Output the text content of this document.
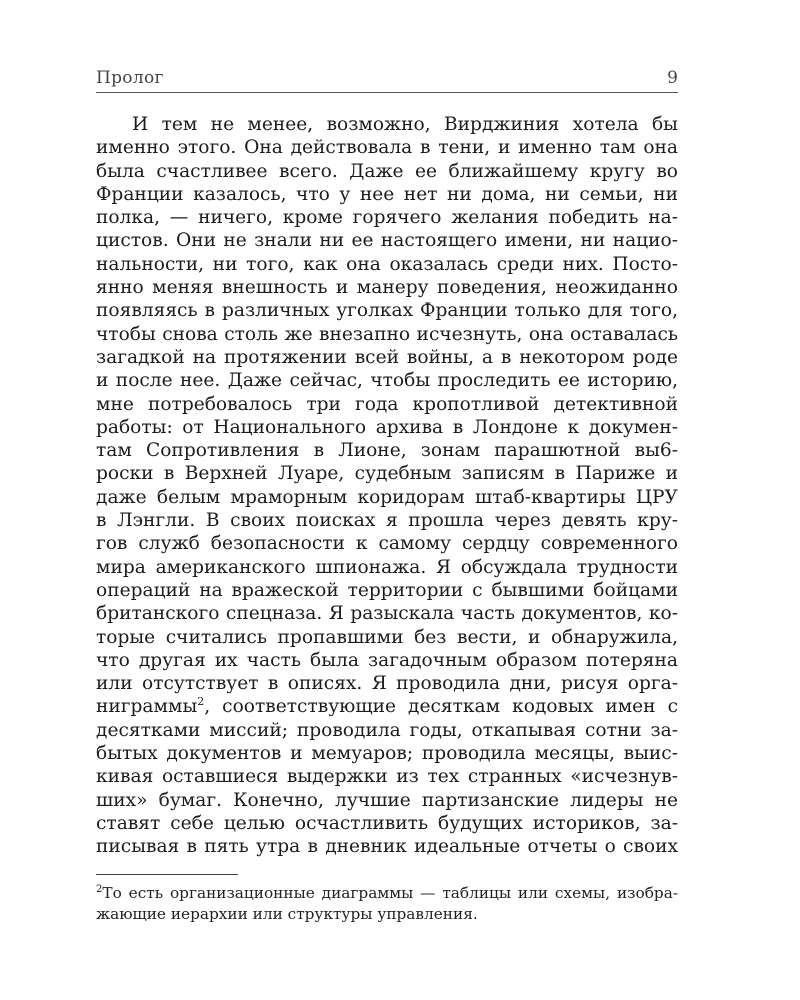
Пролог	9
И тем не менее, возможно, Вирджиния хотела бы
именно этого. Она действовала в тени, и именно там она
была счастливее всего. Даже ее ближайшему кругу во
Франции казалось, что у нее нет ни дома, ни семьи, ни
полка, — ничего, кроме горячего желания победить на-
цистов. Они не знали ни ее настоящего имени, ни нацио-
нальности, ни того, как она оказалась среди них. Посто-
янно меняя внешность и манеру поведения, неожиданно
появляясь в различных уголках Франции только для того,
чтобы снова столь же внезапно исчезнуть, она оставалась
загадкой на протяжении всей войны, а в некотором роде
и после нее. Даже сейчас, чтобы проследить ее историю,
мне потребовалось три года кропотливой детективной
работы: от Национального архива в Лондоне к докумен-
там Сопротивления в Лионе, зонам парашютной вы6-
роски в Верхней Луаре, судебным записям в Париже и
даже белым мраморным коридорам штаб-квартиры ЦРУ
в Лэнгли. В своих поисках я прошла через девять кру-
гов служб безопасности к самому сердцу современного
мира американского шпионажа. Я обсуждала трудности
операций на вражеской территории с бывшими бойцами
британского спецназа. Я разыскала часть документов, ко-
торые считались пропавшими без вести, и обнаружила,
что другая их часть была загадочным образом потеряна
или отсутствует в описях. Я проводила дни, рисуя орга-
ниграммы$^2$, соответствующие десяткам кодовых имен с
десятками миссий; проводила годы, откапывая сотни за-
бытых документов и мемуаров; проводила месяцы, выис-
кивая оставшиеся выдержки из тех странных «исчезнув-
ших» бумаг. Конечно, лучшие партизанские лидеры не
ставят себе целью осчастливить будущих историков, за-
писывая в пять утра в дневник идеальные отчеты о своих
$^2$То есть организационные диаграммы — таблицы или схемы, изобра-
жающие иерархии или структуры управления.
